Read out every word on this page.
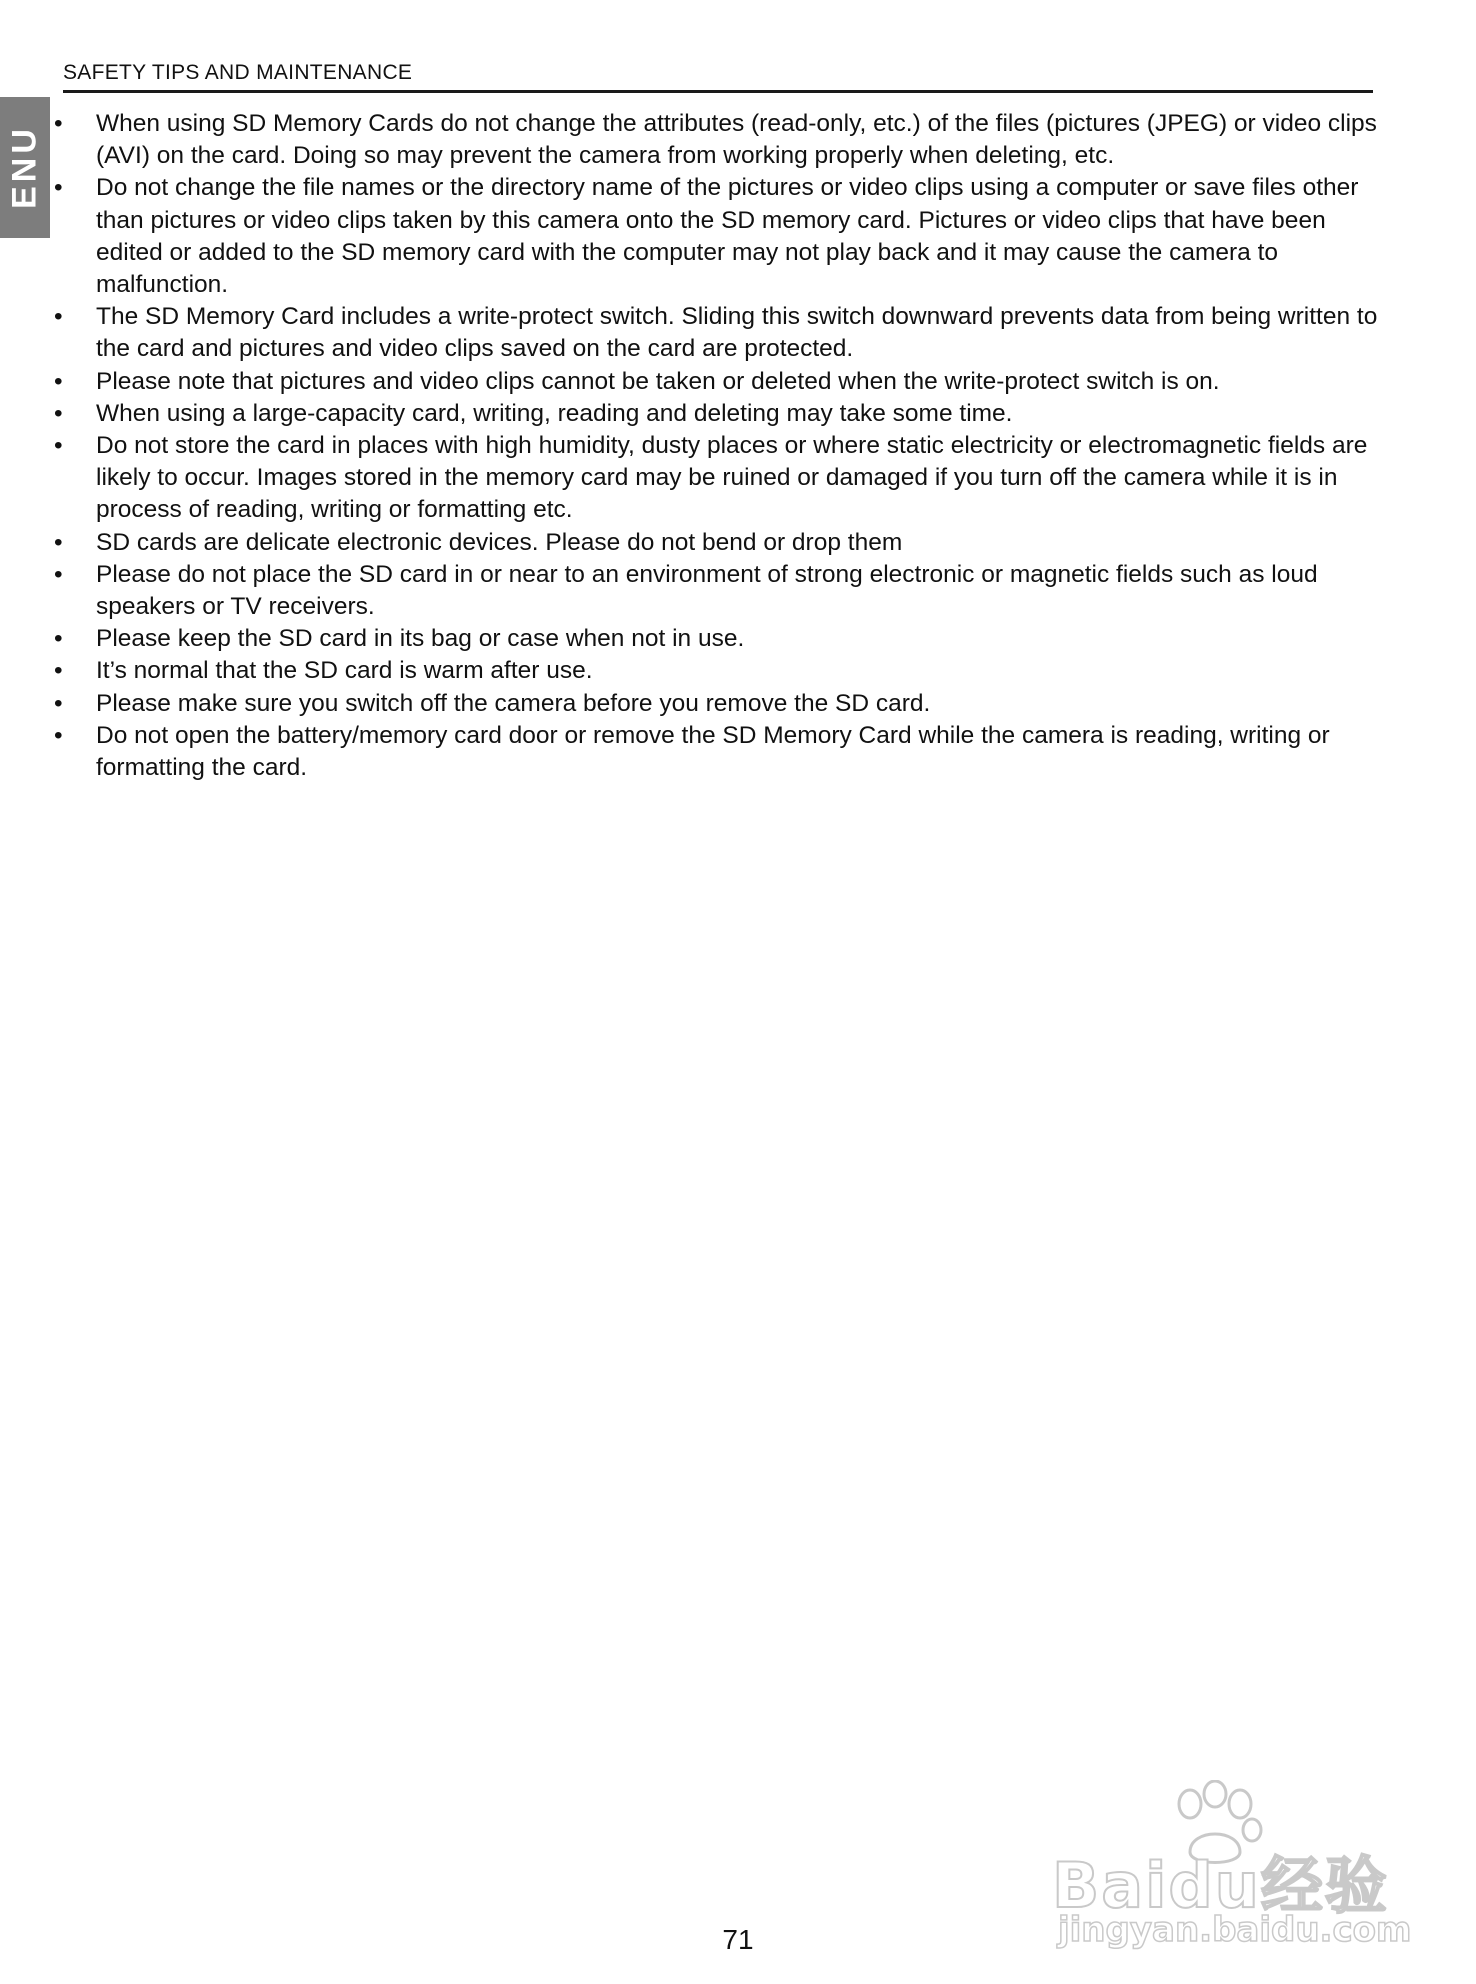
SAFETY TIPS AND MAINTENANCE
ENU
•	When using SD Memory Cards do not change the attributes (read-only, etc.) of the files (pictures (JPEG) or video clips (AVI) on the card. Doing so may prevent the camera from working properly when deleting, etc.
•	Do not change the file names or the directory name of the pictures or video clips using a computer or save files other than pictures or video clips taken by this camera onto the SD memory card. Pictures or video clips that have been edited or added to the SD memory card with the computer may not play back and it may cause the camera to malfunction.
•	The SD Memory Card includes a write-protect switch. Sliding this switch downward prevents data from being written to the card and pictures and video clips saved on the card are protected.
•	Please note that pictures and video clips cannot be taken or deleted when the write-protect switch is on.
•	When using a large-capacity card, writing, reading and deleting may take some time.
•	Do not store the card in places with high humidity, dusty places or where static electricity or electromagnetic fields are likely to occur. Images stored in the memory card may be ruined or damaged if you turn off the camera while it is in process of reading, writing or formatting etc.
•	SD cards are delicate electronic devices. Please do not bend or drop them
•	Please do not place the SD card in or near to an environment of strong electronic or magnetic fields such as loud speakers or TV receivers.
•	Please keep the SD card in its bag or case when not in use.
•	It’s normal that the SD card is warm after use.
•	Please make sure you switch off the camera before you remove the SD card.
•	Do not open the battery/memory card door or remove the SD Memory Card while the camera is reading, writing or formatting the card.
71
Baidu经验
jingyan.baidu.com
